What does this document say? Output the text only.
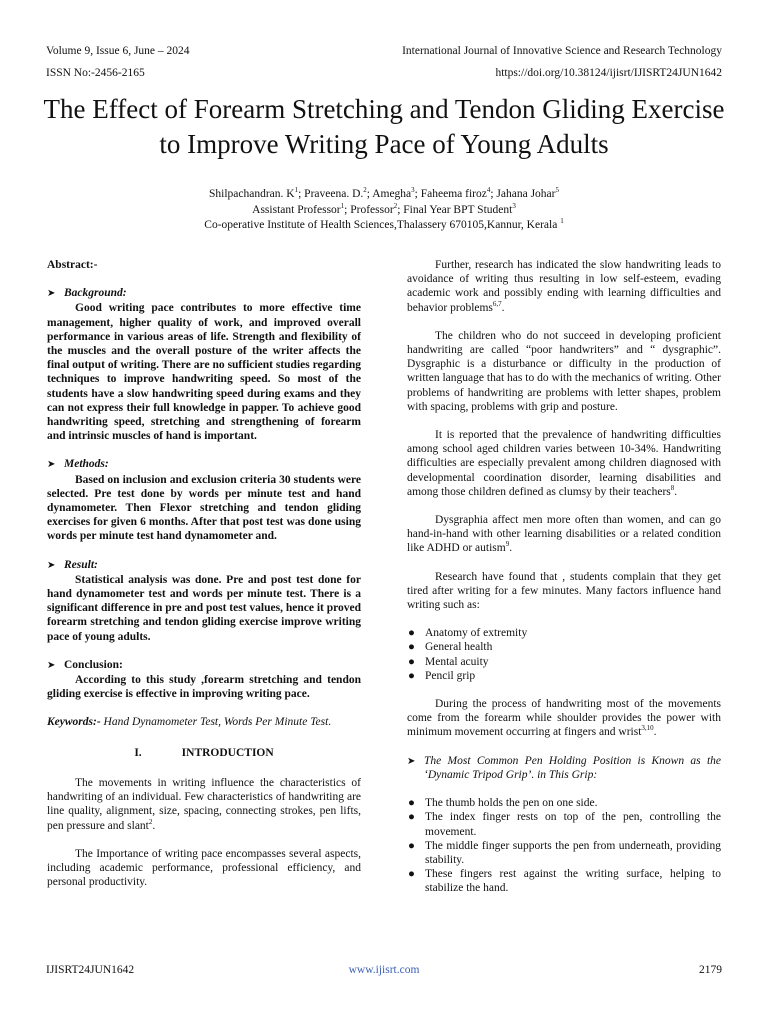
Volume 9, Issue 6, June – 2024	International Journal of Innovative Science and Research Technology
ISSN No:-2456-2165	https://doi.org/10.38124/ijisrt/IJISRT24JUN1642
The Effect of Forearm Stretching and Tendon Gliding Exercise to Improve Writing Pace of Young Adults
Shilpachandran. $K^1$; Praveena. D.$^2$; Amegha$^3$; Faheema firoz$^4$; Jahana Johar$^5$
Assistant Professor$^1$; Professor$^2$; Final Year BPT Student$^3$
Co-operative Institute of Health Sciences,Thalassery 670105,Kannur, Kerala $^1$

Abstract:-

➤ Background:

Good writing pace contributes to more effective time management, higher quality of work, and improved overall performance in various areas of life. Strength and flexibility of the muscles and the overall posture of the writer affects the final output of writing. There are no sufficient studies regarding techniques to improve handwriting speed. So most of the students have a slow handwriting speed during exams and they can not express their full knowledge in papper. To achieve good handwriting speed, stretching and strengthening of forearm and intrinsic muscles of hand is important.

➤ Methods:

Based on inclusion and exclusion criteria 30 students were selected. Pre test done by words per minute test and hand dynamometer. Then Flexor stretching and tendon gliding exercises for given 6 months. After that post test was done using words per minute test hand dynamometer and.

➤ Result:

Statistical analysis was done. Pre and post test done for hand dynamometer test and words per minute test. There is a significant difference in pre and post test values, hence it proved forearm stretching and tendon gliding exercise improve writing pace of young adults.

➤ Conclusion:

According to this study ,forearm stretching and tendon gliding exercise is effective in improving writing pace.

Keywords:- Hand Dynamometer Test, Words Per Minute Test.

I.	INTRODUCTION

The movements in writing influence the characteristics of handwriting of an individual. Few characteristics of handwriting are line quality, alignment, size, spacing, connecting strokes, pen lifts, pen pressure and slant$^2$.

The Importance of writing pace encompasses several aspects, including academic performance, professional efficiency, and personal productivity.

Further, research has indicated the slow handwriting leads to avoidance of writing thus resulting in low self-esteem, evading academic work and possibly ending with learning difficulties and behavior problems$^{6,7}$.

The children who do not succeed in developing proficient handwriting are called “poor handwriters” and “ dysgraphic”. Dysgraphic is a disturbance or difficulty in the production of written language that has to do with the mechanics of writing. Other problems of handwriting are problems with letter shapes, problem with spacing, problems with grip and posture.

It is reported that the prevalence of handwriting difficulties among school aged children varies between 10-34%. Handwriting difficulties are especially prevalent among children diagnosed with developmental coordination disorder, learning disabilities and among those children defined as clumsy by their teachers$^8$.

Dysgraphia affect men more often than women, and can go hand-in-hand with other learning disabilities or a related condition like ADHD or autism$^9$.

Research have found that , students complain that they get tired after writing for a few minutes. Many factors influence hand writing such as:

● Anatomy of extremity
● General health
● Mental acuity
● Pencil grip

During the process of handwriting most of the movements come from the forearm while shoulder provides the power with minimum movement occurring at fingers and wrist$^{3,10}$.

➤ The Most Common Pen Holding Position is Known as the ‘Dynamic Tripod Grip’. in This Grip:
● The thumb holds the pen on one side.
● The index finger rests on top of the pen, controlling the movement.
● The middle finger supports the pen from underneath, providing stability.
● These fingers rest against the writing surface, helping to stabilize the hand.
IJISRT24JUN1642	www.ijisrt.com	2179
